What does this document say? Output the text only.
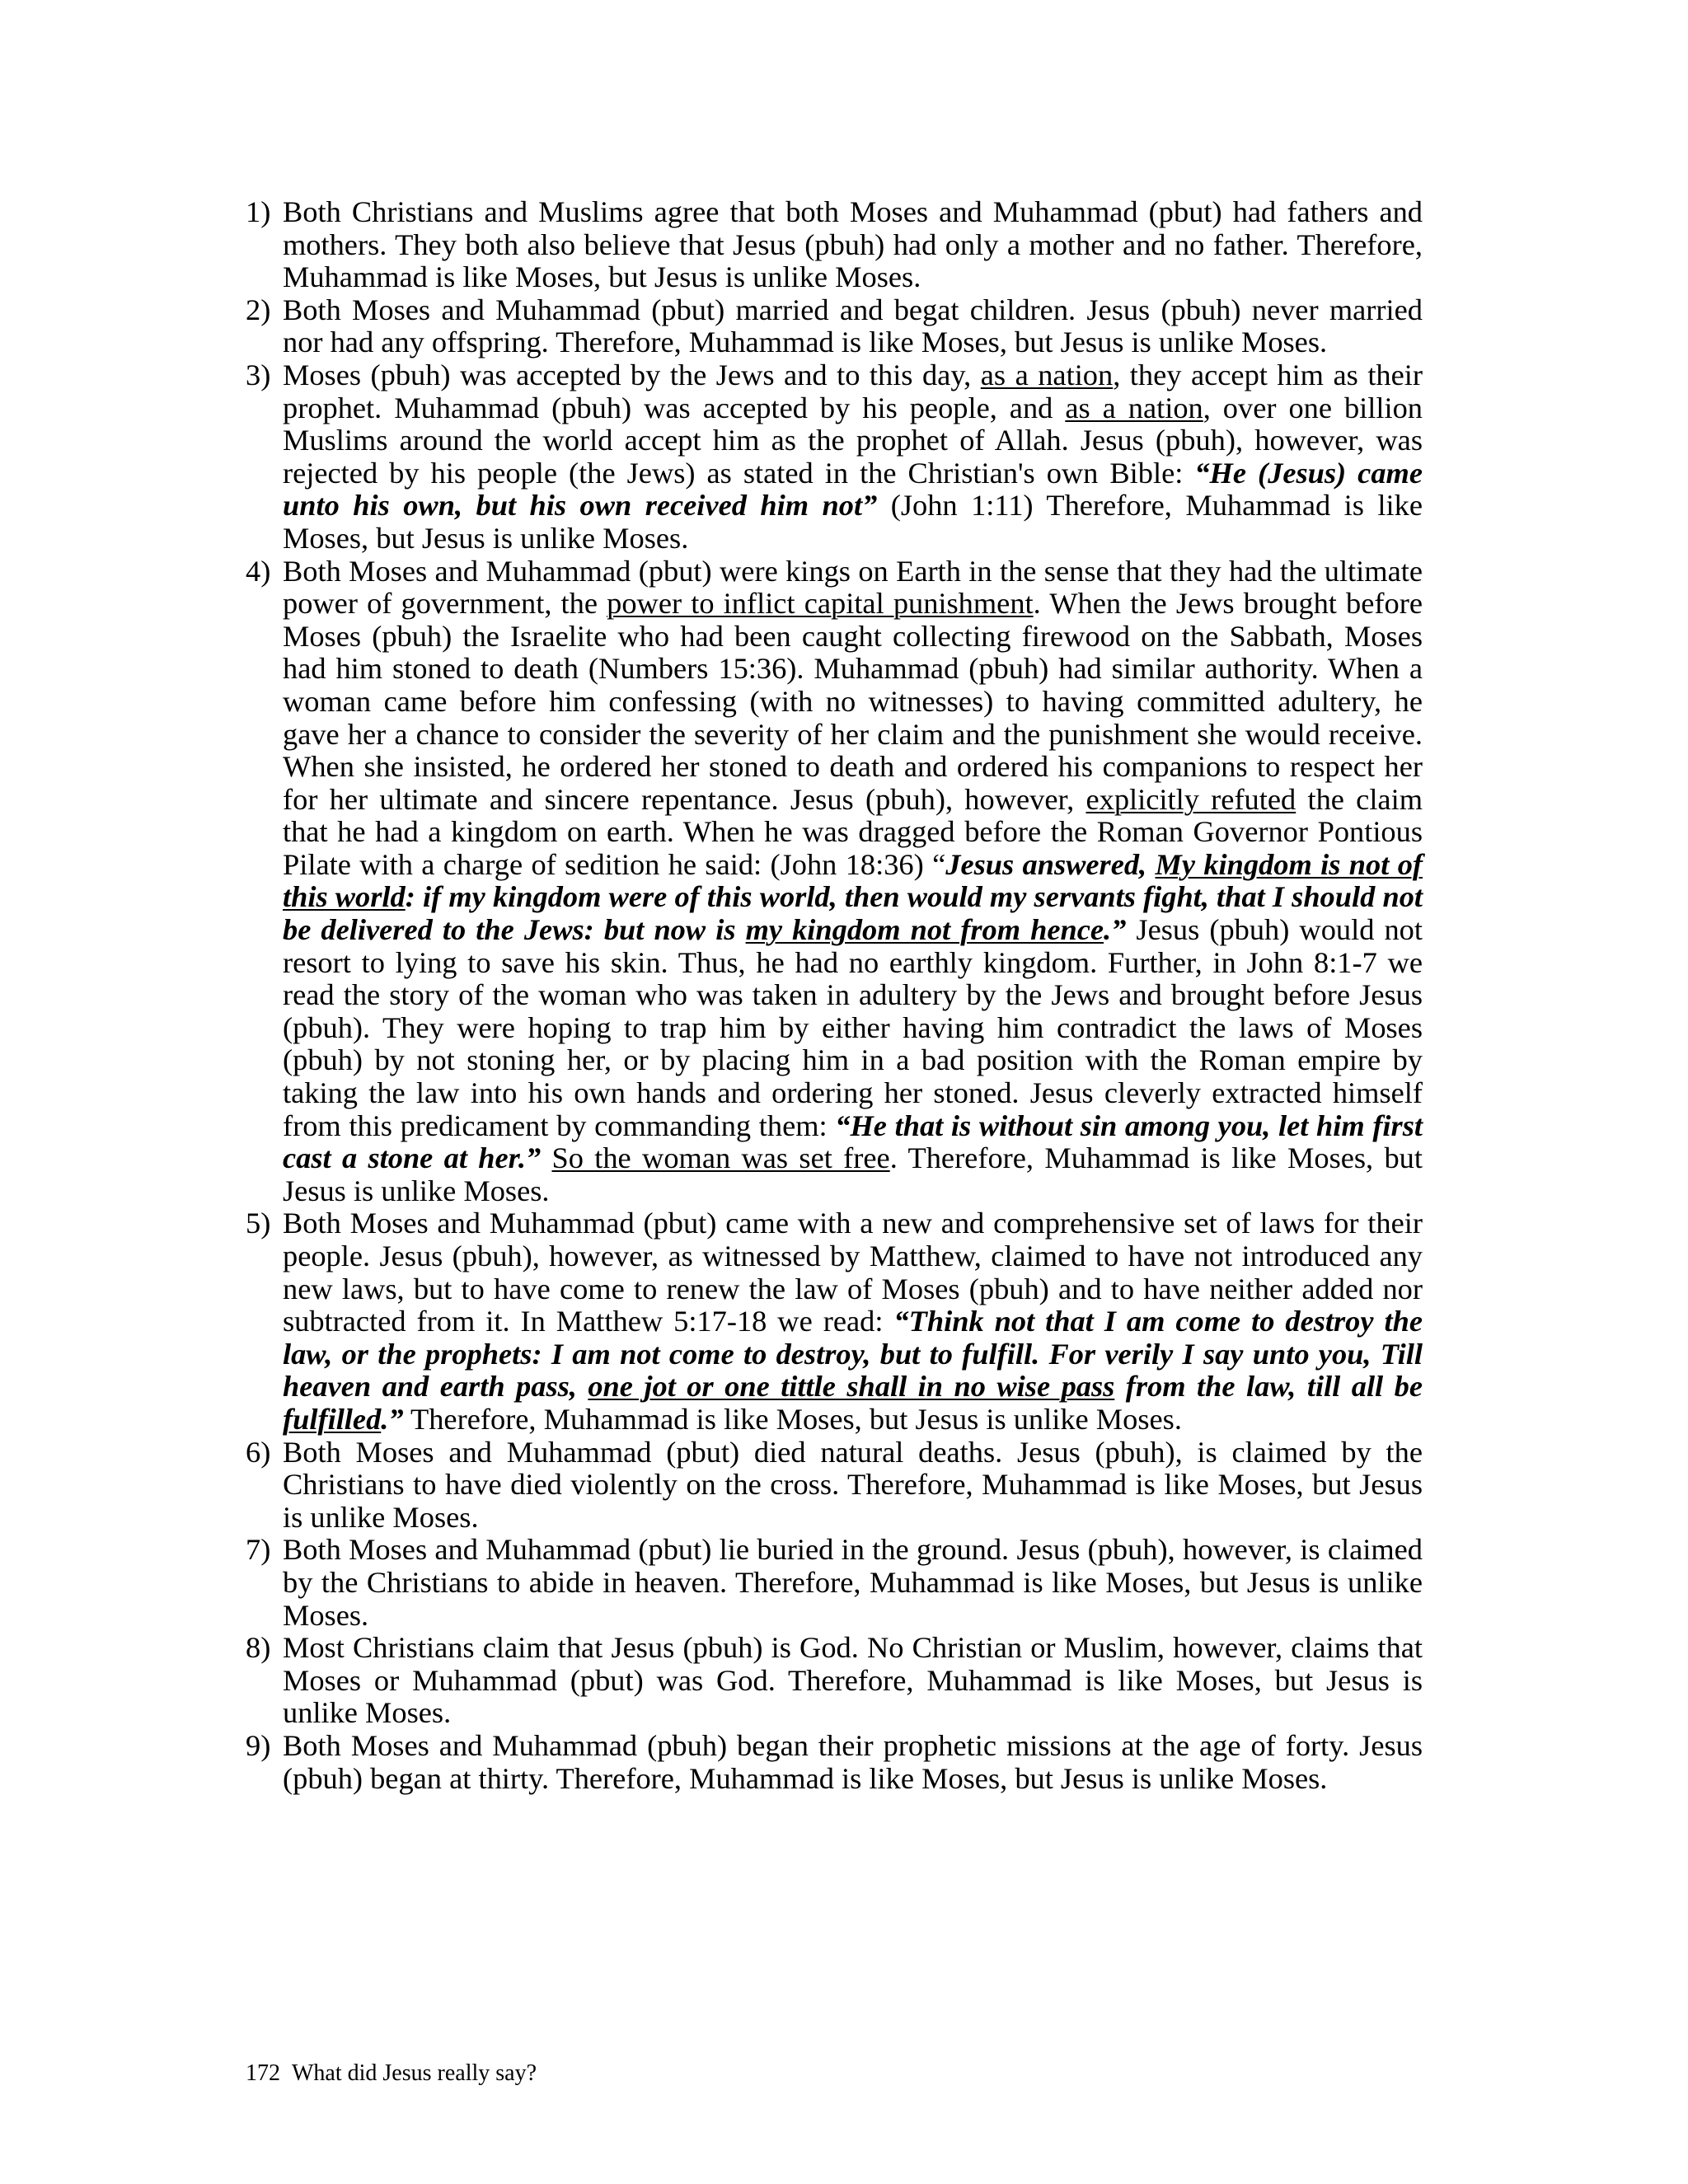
1) Both Christians and Muslims agree that both Moses and Muhammad (pbut) had fathers and mothers. They both also believe that Jesus (pbuh) had only a mother and no father. Therefore, Muhammad is like Moses, but Jesus is unlike Moses.
2) Both Moses and Muhammad (pbut) married and begat children. Jesus (pbuh) never married nor had any offspring. Therefore, Muhammad is like Moses, but Jesus is unlike Moses.
3) Moses (pbuh) was accepted by the Jews and to this day, as a nation, they accept him as their prophet. Muhammad (pbuh) was accepted by his people, and as a nation, over one billion Muslims around the world accept him as the prophet of Allah. Jesus (pbuh), however, was rejected by his people (the Jews) as stated in the Christian's own Bible: “He (Jesus) came unto his own, but his own received him not” (John 1:11) Therefore, Muhammad is like Moses, but Jesus is unlike Moses.
4) Both Moses and Muhammad (pbut) were kings on Earth in the sense that they had the ultimate power of government, the power to inflict capital punishment. When the Jews brought before Moses (pbuh) the Israelite who had been caught collecting firewood on the Sabbath, Moses had him stoned to death (Numbers 15:36). Muhammad (pbuh) had similar authority. When a woman came before him confessing (with no witnesses) to having committed adultery, he gave her a chance to consider the severity of her claim and the punishment she would receive. When she insisted, he ordered her stoned to death and ordered his companions to respect her for her ultimate and sincere repentance. Jesus (pbuh), however, explicitly refuted the claim that he had a kingdom on earth. When he was dragged before the Roman Governor Pontious Pilate with a charge of sedition he said: (John 18:36) “Jesus answered, My kingdom is not of this world: if my kingdom were of this world, then would my servants fight, that I should not be delivered to the Jews: but now is my kingdom not from hence.” Jesus (pbuh) would not resort to lying to save his skin. Thus, he had no earthly kingdom. Further, in John 8:1-7 we read the story of the woman who was taken in adultery by the Jews and brought before Jesus (pbuh). They were hoping to trap him by either having him contradict the laws of Moses (pbuh) by not stoning her, or by placing him in a bad position with the Roman empire by taking the law into his own hands and ordering her stoned. Jesus cleverly extracted himself from this predicament by commanding them: “He that is without sin among you, let him first cast a stone at her.” So the woman was set free. Therefore, Muhammad is like Moses, but Jesus is unlike Moses.
5) Both Moses and Muhammad (pbut) came with a new and comprehensive set of laws for their people. Jesus (pbuh), however, as witnessed by Matthew, claimed to have not introduced any new laws, but to have come to renew the law of Moses (pbuh) and to have neither added nor subtracted from it. In Matthew 5:17-18 we read: “Think not that I am come to destroy the law, or the prophets: I am not come to destroy, but to fulfill. For verily I say unto you, Till heaven and earth pass, one jot or one tittle shall in no wise pass from the law, till all be fulfilled.” Therefore, Muhammad is like Moses, but Jesus is unlike Moses.
6) Both Moses and Muhammad (pbut) died natural deaths. Jesus (pbuh), is claimed by the Christians to have died violently on the cross. Therefore, Muhammad is like Moses, but Jesus is unlike Moses.
7) Both Moses and Muhammad (pbut) lie buried in the ground. Jesus (pbuh), however, is claimed by the Christians to abide in heaven. Therefore, Muhammad is like Moses, but Jesus is unlike Moses.
8) Most Christians claim that Jesus (pbuh) is God. No Christian or Muslim, however, claims that Moses or Muhammad (pbut) was God. Therefore, Muhammad is like Moses, but Jesus is unlike Moses.
9) Both Moses and Muhammad (pbuh) began their prophetic missions at the age of forty. Jesus (pbuh) began at thirty. Therefore, Muhammad is like Moses, but Jesus is unlike Moses.
172 What did Jesus really say?
